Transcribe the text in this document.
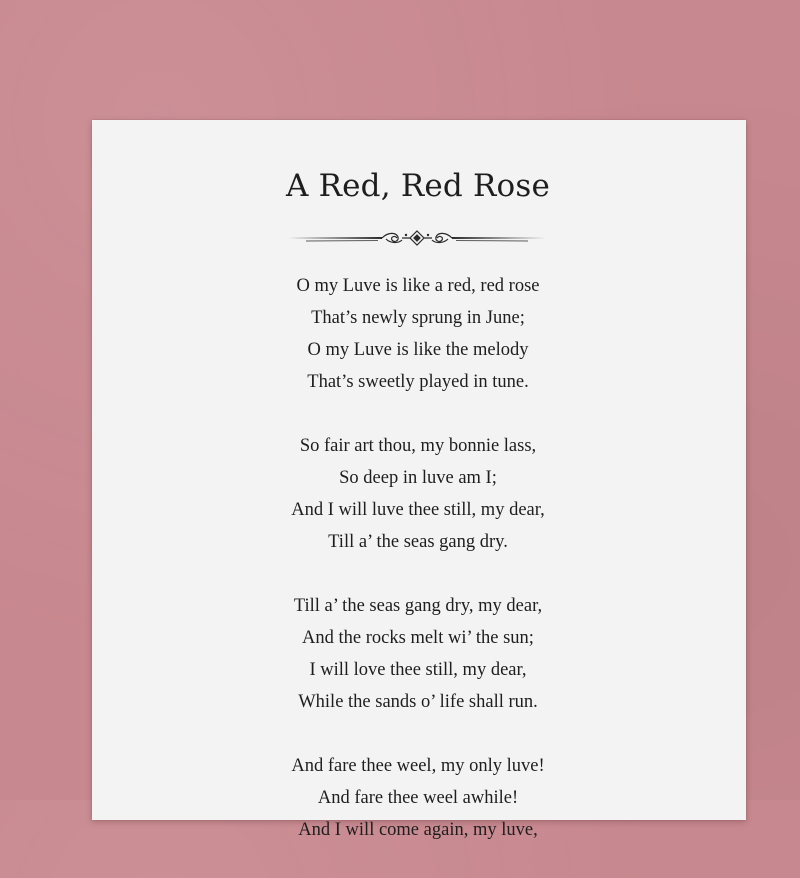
A Red, Red Rose
O my Luve is like a red, red rose
That’s newly sprung in June;
O my Luve is like the melody
That’s sweetly played in tune.
So fair art thou, my bonnie lass,
So deep in luve am I;
And I will luve thee still, my dear,
Till a’ the seas gang dry.
Till a’ the seas gang dry, my dear,
And the rocks melt wi’ the sun;
I will love thee still, my dear,
While the sands o’ life shall run.
And fare thee weel, my only luve!
And fare thee weel awhile!
And I will come again, my luve,
